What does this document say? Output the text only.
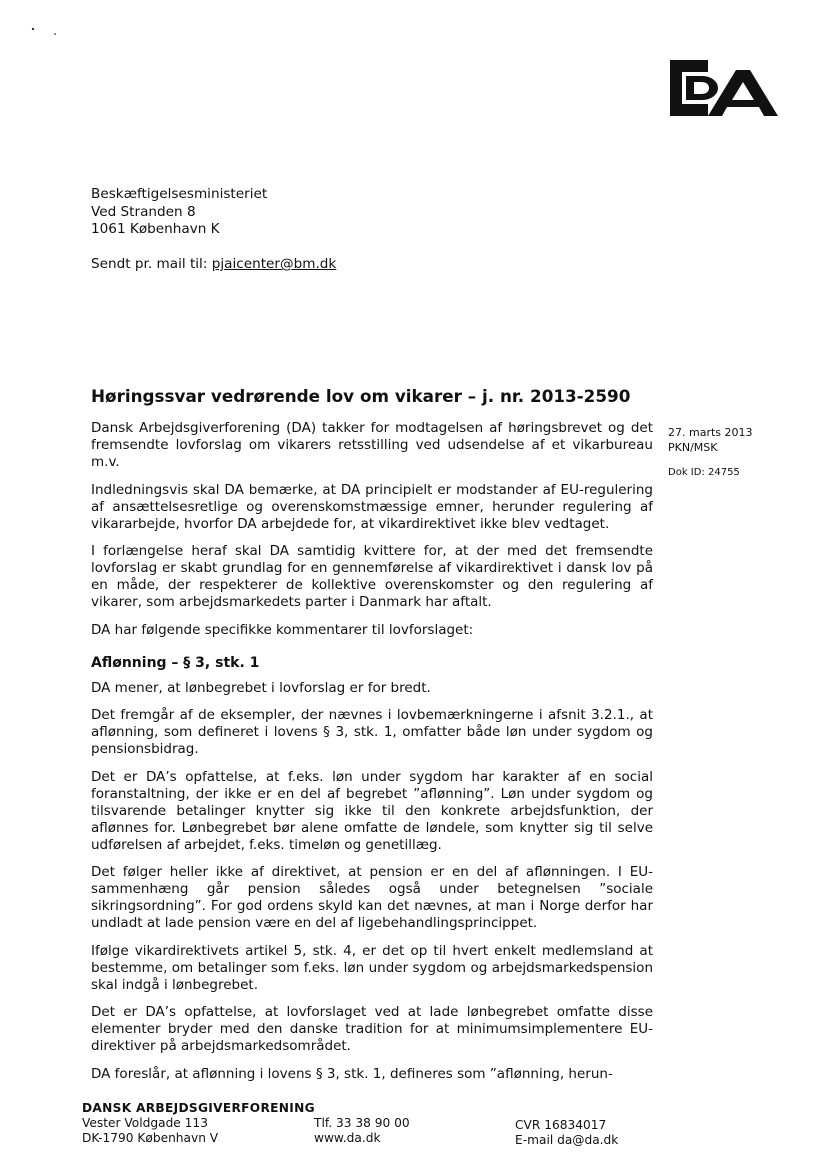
Beskæftigelsesministeriet
Ved Stranden 8
1061 København K
Sendt pr. mail til: pjaicenter@bm.dk
Høringssvar vedrørende lov om vikarer – j. nr. 2013-2590
27. marts 2013
PKN/MSK
Dok ID: 24755

Dansk Arbejdsgiverforening (DA) takker for modtagelsen af høringsbrevet og det fremsendte lovforslag om vikarers retsstilling ved udsendelse af et vikarbureau m.v.

Indledningsvis skal DA bemærke, at DA principielt er modstander af EU-regulering af ansættelsesretlige og overenskomstmæssige emner, herunder regulering af vikararbejde, hvorfor DA arbejdede for, at vikardirektivet ikke blev vedtaget.

I forlængelse heraf skal DA samtidig kvittere for, at der med det fremsendte lovforslag er skabt grundlag for en gennemførelse af vikardirektivet i dansk lov på en måde, der respekterer de kollektive overenskomster og den regulering af vikarer, som arbejdsmarkedets parter i Danmark har aftalt.

DA har følgende specifikke kommentarer til lovforslaget:

Aflønning – § 3, stk. 1

DA mener, at lønbegrebet i lovforslag er for bredt.

Det fremgår af de eksempler, der nævnes i lovbemærkningerne i afsnit 3.2.1., at aflønning, som defineret i lovens § 3, stk. 1, omfatter både løn under sygdom og pensionsbidrag.

Det er DA’s opfattelse, at f.eks. løn under sygdom har karakter af en social foranstaltning, der ikke er en del af begrebet ”aflønning”. Løn under sygdom og tilsvarende betalinger knytter sig ikke til den konkrete arbejdsfunktion, der aflønnes for. Lønbegrebet bør alene omfatte de løndele, som knytter sig til selve udførelsen af arbejdet, f.eks. timeløn og genetillæg.

Det følger heller ikke af direktivet, at pension er en del af aflønningen. I EU-sammenhæng går pension således også under betegnelsen ”sociale sikringsordning”. For god ordens skyld kan det nævnes, at man i Norge derfor har undladt at lade pension være en del af ligebehandlingsprincippet.

Ifølge vikardirektivets artikel 5, stk. 4, er det op til hvert enkelt medlemsland at bestemme, om betalinger som f.eks. løn under sygdom og arbejdsmarkedspension skal indgå i lønbegrebet.

Det er DA’s opfattelse, at lovforslaget ved at lade lønbegrebet omfatte disse elementer bryder med den danske tradition for at minimumsimplementere EU-direktiver på arbejdsmarkedsområdet.

DA foreslår, at aflønning i lovens § 3, stk. 1, defineres som ”aflønning, herun-

DANSK ARBEJDSGIVERFORENING
Vester Voldgade 113
DK-1790 København V
Tlf. 33 38 90 00
www.da.dk
CVR 16834017
E-mail da@da.dk
